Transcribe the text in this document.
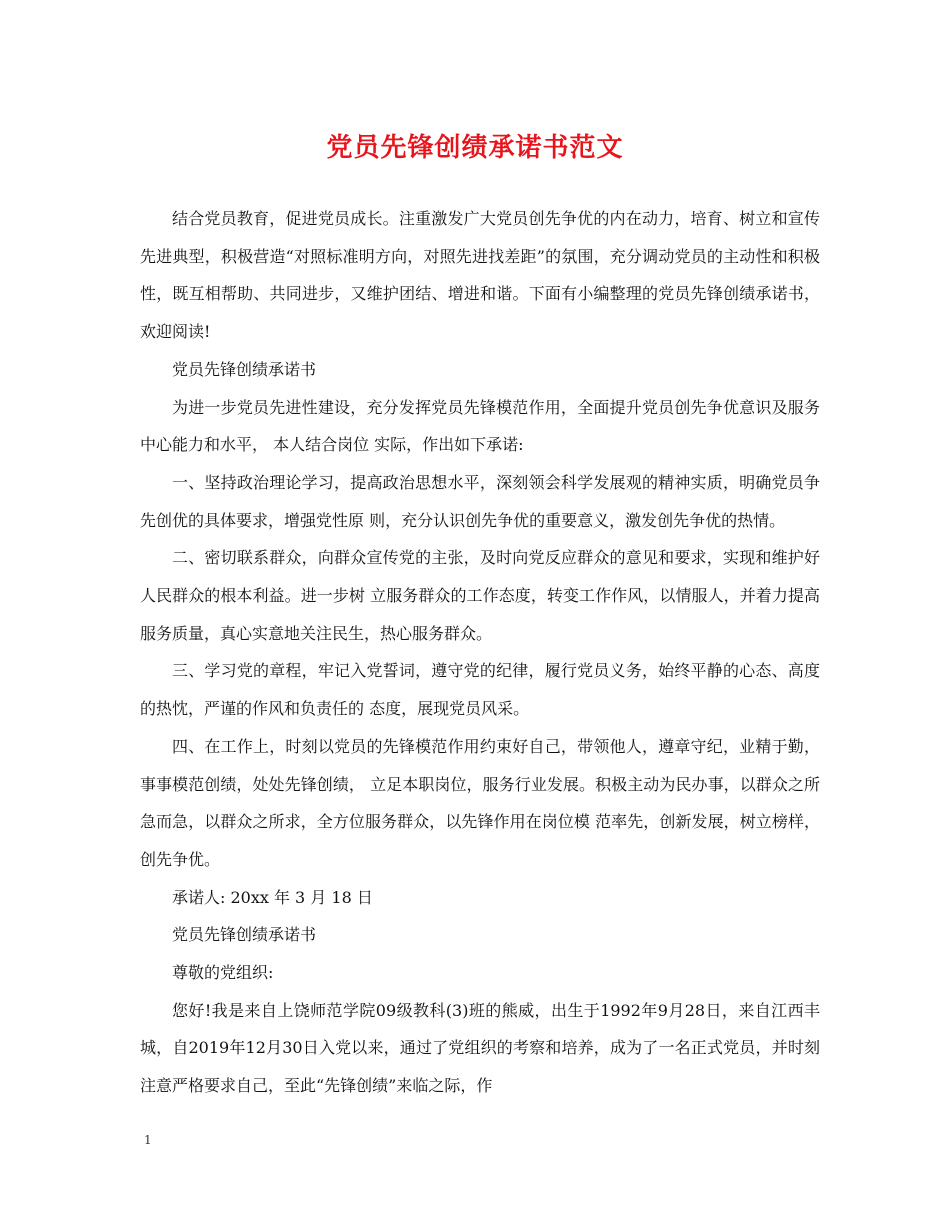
党员先锋创绩承诺书范文

结合党员教育，促进党员成长。注重激发广大党员创先争优的内在动力，培育、树立和宣传先进典型，积极营造“对照标准明方向，对照先进找差距”的氛围，充分调动党员的主动性和积极性，既互相帮助、共同进步，又维护团结、增进和谐。下面有小编整理的党员先锋创绩承诺书，欢迎阅读!

党员先锋创绩承诺书

为进一步党员先进性建设，充分发挥党员先锋模范作用，全面提升党员创先争优意识及服务中心能力和水平， 本人结合岗位 实际，作出如下承诺:

一、坚持政治理论学习，提高政治思想水平，深刻领会科学发展观的精神实质，明确党员争先创优的具体要求，增强党性原 则，充分认识创先争优的重要意义，激发创先争优的热情。

二、密切联系群众，向群众宣传党的主张，及时向党反应群众的意见和要求，实现和维护好人民群众的根本利益。进一步树 立服务群众的工作态度，转变工作作风，以情服人，并着力提高 服务质量，真心实意地关注民生，热心服务群众。

三、学习党的章程，牢记入党誓词，遵守党的纪律，履行党员义务，始终平静的心态、高度的热忱，严谨的作风和负责任的 态度，展现党员风采。

四、在工作上，时刻以党员的先锋模范作用约束好自己，带领他人，遵章守纪，业精于勤，事事模范创绩，处处先锋创绩， 立足本职岗位，服务行业发展。积极主动为民办事，以群众之所急而急，以群众之所求，全方位服务群众，以先锋作用在岗位模 范率先，创新发展，树立榜样，创先争优。

承诺人: 20xx 年 3 月 18 日

党员先锋创绩承诺书

尊敬的党组织:

您好!我是来自上饶师范学院09级教科(3)班的熊威，出生于1992年9月28日，来自江西丰城，自2019年12月30日入党以来，通过了党组织的考察和培养，成为了一名正式党员，并时刻注意严格要求自己，至此“先锋创绩”来临之际，作

1
